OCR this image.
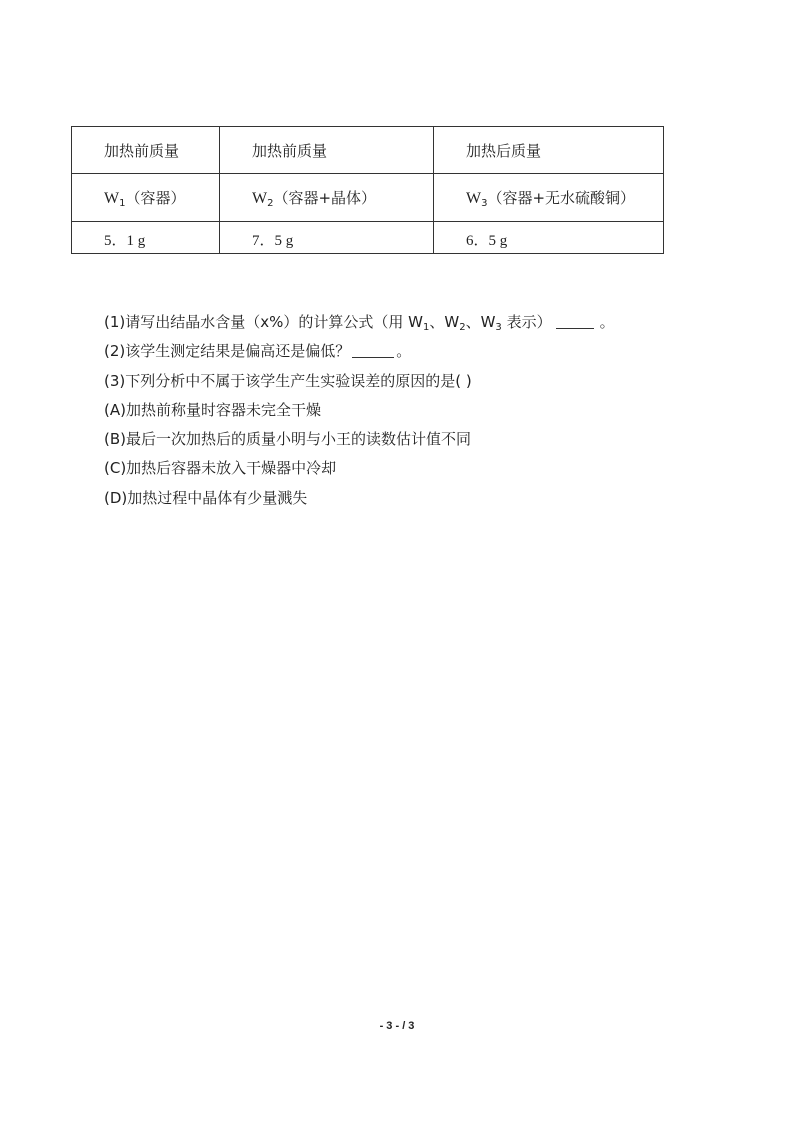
加热前质量	加热前质量	加热后质量
$W_1$（容器）	$W_2$（容器+晶体）	$W_3$（容器+无水硫酸铜）
5．1 g	7．5 g	6．5 g
(1)请写出结晶水含量（x%）的计算公式（用 $W_1$、$W_2$、$W_3$ 表示）	。
(2)该学生测定结果是偏高还是偏低？	。
(3)下列分析中不属于该学生产生实验误差的原因的是( )
(A)加热前称量时容器未完全干燥
(B)最后一次加热后的质量小明与小王的读数估计值不同
(C)加热后容器未放入干燥器中冷却
(D)加热过程中晶体有少量溅失
- 3 - / 3
